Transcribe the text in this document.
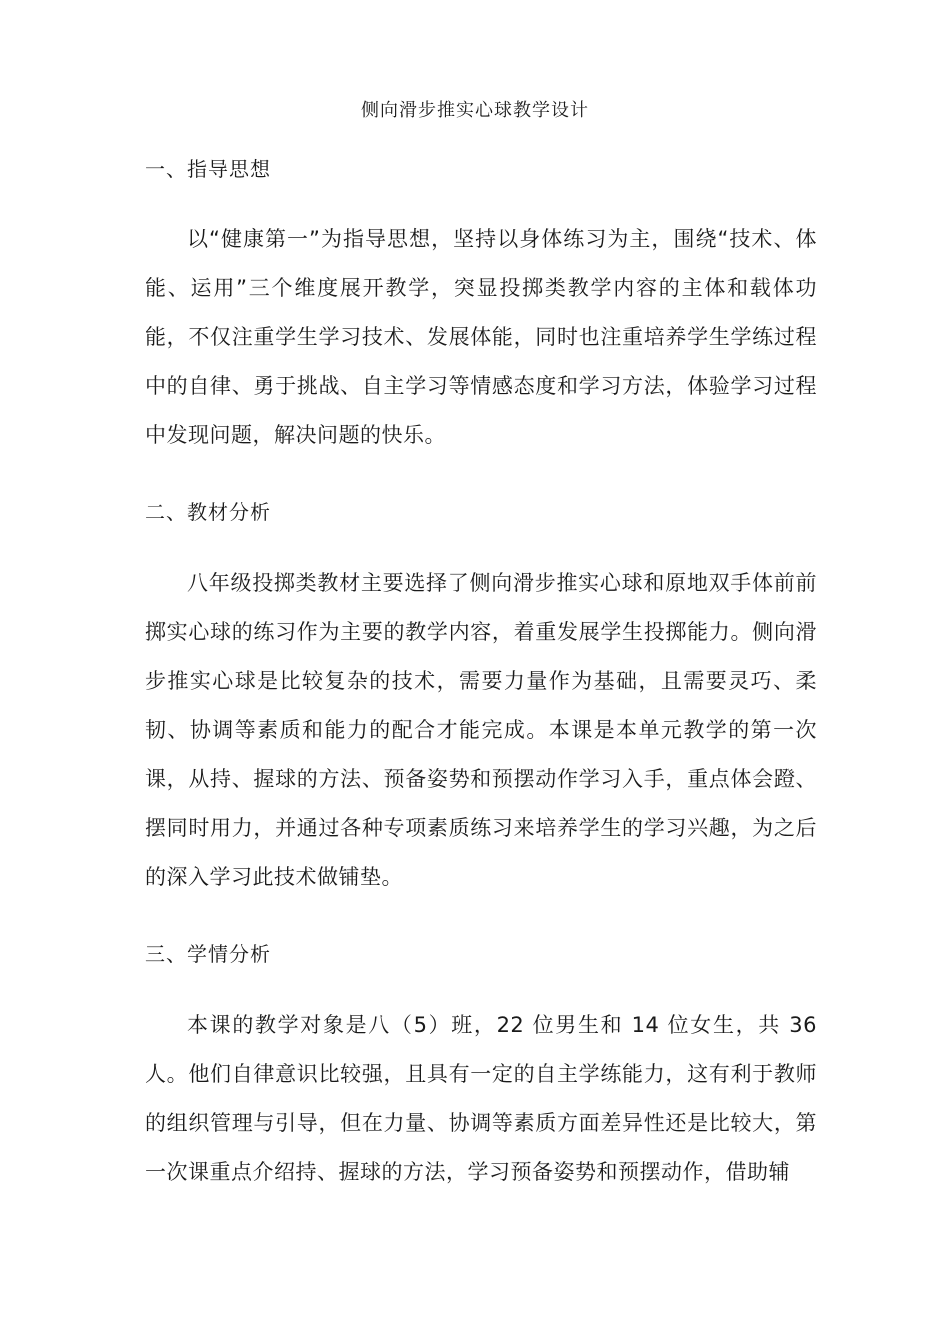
侧向滑步推实心球教学设计
一、指导思想

以“健康第一”为指导思想，坚持以身体练习为主，围绕“技术、体能、运用”三个维度展开教学，突显投掷类教学内容的主体和载体功能，不仅注重学生学习技术、发展体能，同时也注重培养学生学练过程中的自律、勇于挑战、自主学习等情感态度和学习方法，体验学习过程中发现问题，解决问题的快乐。

二、教材分析

八年级投掷类教材主要选择了侧向滑步推实心球和原地双手体前前掷实心球的练习作为主要的教学内容，着重发展学生投掷能力。侧向滑步推实心球是比较复杂的技术，需要力量作为基础，且需要灵巧、柔韧、协调等素质和能力的配合才能完成。本课是本单元教学的第一次课，从持、握球的方法、预备姿势和预摆动作学习入手，重点体会蹬、摆同时用力，并通过各种专项素质练习来培养学生的学习兴趣，为之后的深入学习此技术做铺垫。

三、学情分析

本课的教学对象是八（5）班，22 位男生和 14 位女生，共 36 人。他们自律意识比较强，且具有一定的自主学练能力，这有利于教师的组织管理与引导，但在力量、协调等素质方面差异性还是比较大，第一次课重点介绍持、握球的方法，学习预备姿势和预摆动作，借助辅
